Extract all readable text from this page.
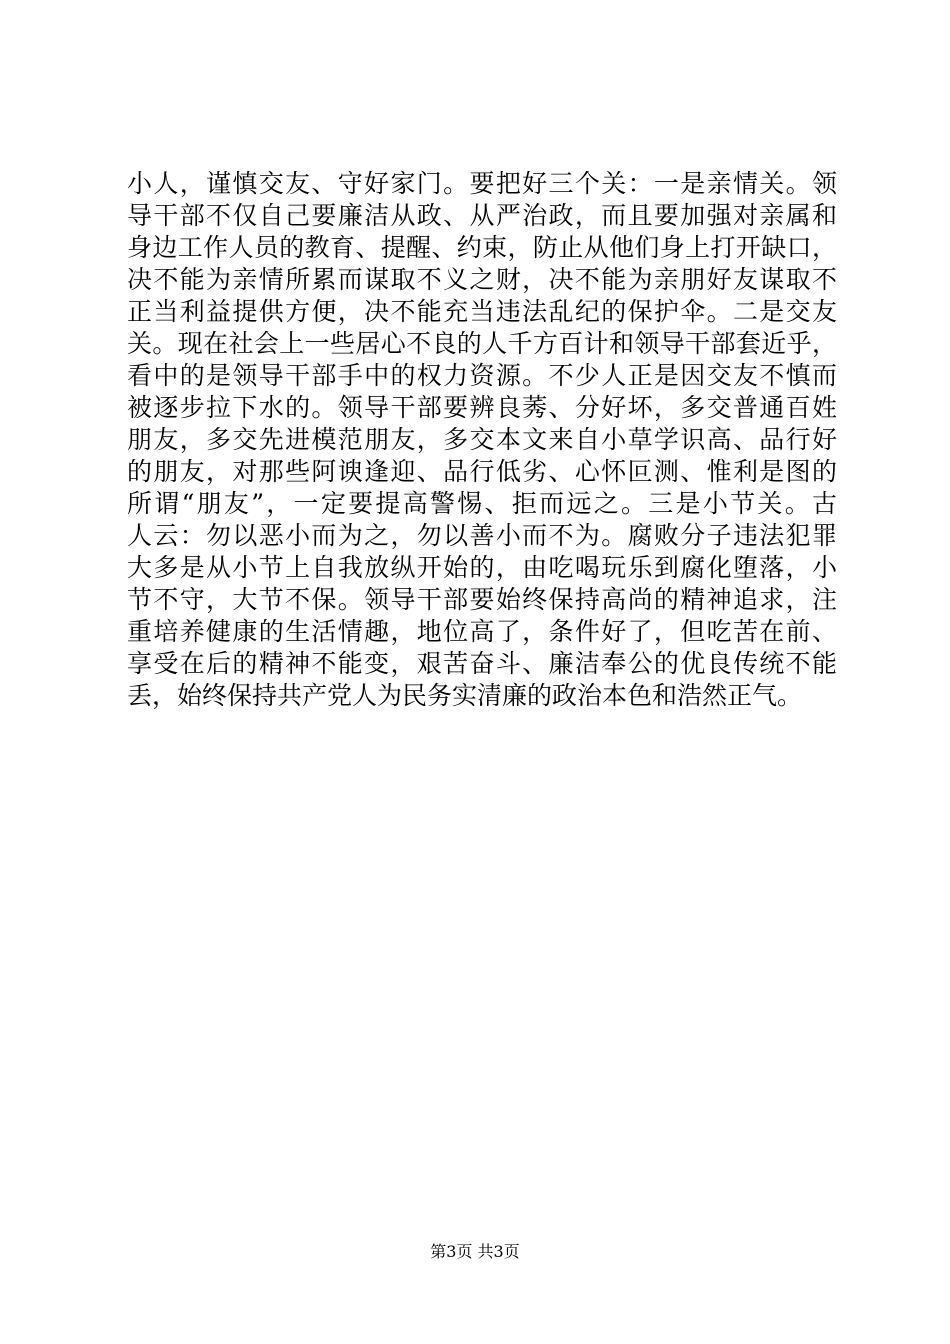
小人，谨慎交友、守好家门。要把好三个关：一是亲情关。领
导干部不仅自己要廉洁从政、从严治政，而且要加强对亲属和
身边工作人员的教育、提醒、约束，防止从他们身上打开缺口，
决不能为亲情所累而谋取不义之财，决不能为亲朋好友谋取不
正当利益提供方便，决不能充当违法乱纪的保护伞。二是交友
关。现在社会上一些居心不良的人千方百计和领导干部套近乎，
看中的是领导干部手中的权力资源。不少人正是因交友不慎而
被逐步拉下水的。领导干部要辨良莠、分好坏，多交普通百姓
朋友，多交先进模范朋友，多交本文来自小草学识高、品行好
的朋友，对那些阿谀逢迎、品行低劣、心怀叵测、惟利是图的
所谓“朋友”，一定要提高警惕、拒而远之。三是小节关。古
人云：勿以恶小而为之，勿以善小而不为。腐败分子违法犯罪
大多是从小节上自我放纵开始的，由吃喝玩乐到腐化堕落，小
节不守，大节不保。领导干部要始终保持高尚的精神追求，注
重培养健康的生活情趣，地位高了，条件好了，但吃苦在前、
享受在后的精神不能变，艰苦奋斗、廉洁奉公的优良传统不能
丢，始终保持共产党人为民务实清廉的政治本色和浩然正气。
第3页 共3页
